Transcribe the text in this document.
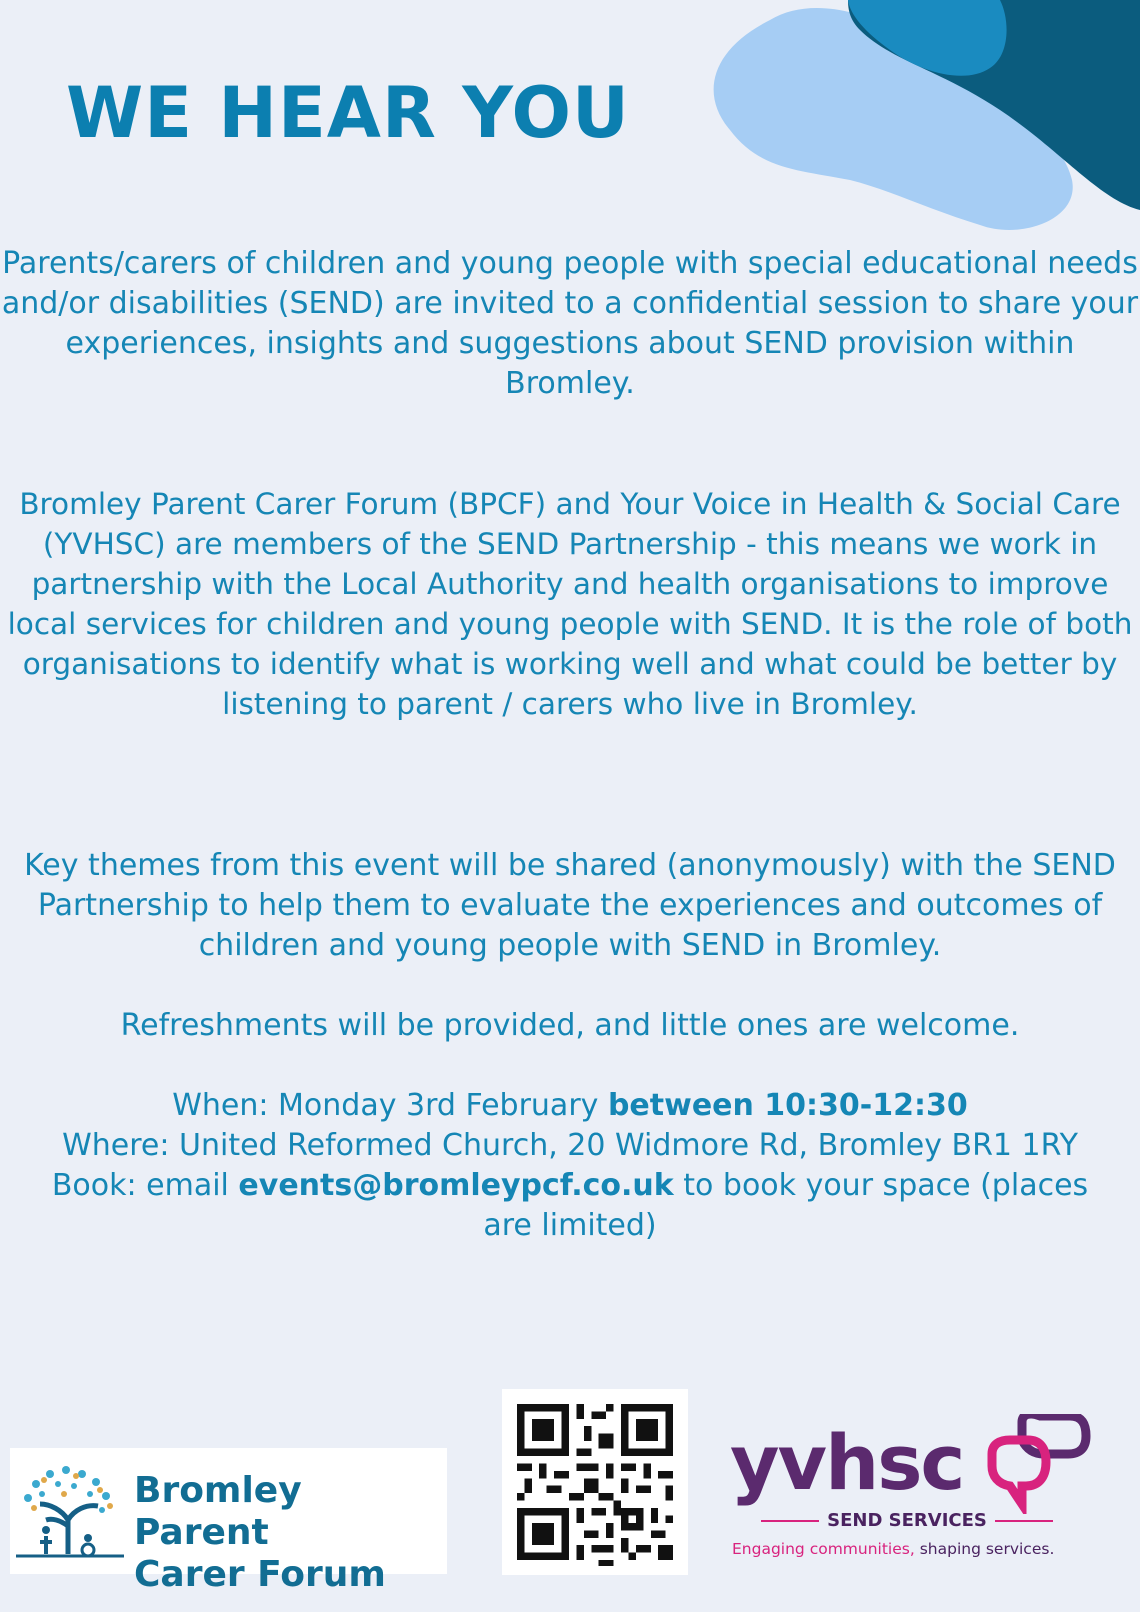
WE HEAR YOU

Parents/carers of children and young people with special educational needs and/or disabilities (SEND) are invited to a confidential session to share your experiences, insights and suggestions about SEND provision within Bromley.

Bromley Parent Carer Forum (BPCF) and Your Voice in Health & Social Care (YVHSC) are members of the SEND Partnership - this means we work in partnership with the Local Authority and health organisations to improve local services for children and young people with SEND. It is the role of both organisations to identify what is working well and what could be better by listening to parent / carers who live in Bromley.

Key themes from this event will be shared (anonymously) with the SEND Partnership to help them to evaluate the experiences and outcomes of children and young people with SEND in Bromley.

Refreshments will be provided, and little ones are welcome.

When: Monday 3rd February between 10:30-12:30
Where: United Reformed Church, 20 Widmore Rd, Bromley BR1 1RY
Book: email events@bromleypcf.co.uk to book your space (places are limited)
Bromley Parent
Carer Forum
yvhsc
SEND SERVICES
Engaging communities, shaping services.
